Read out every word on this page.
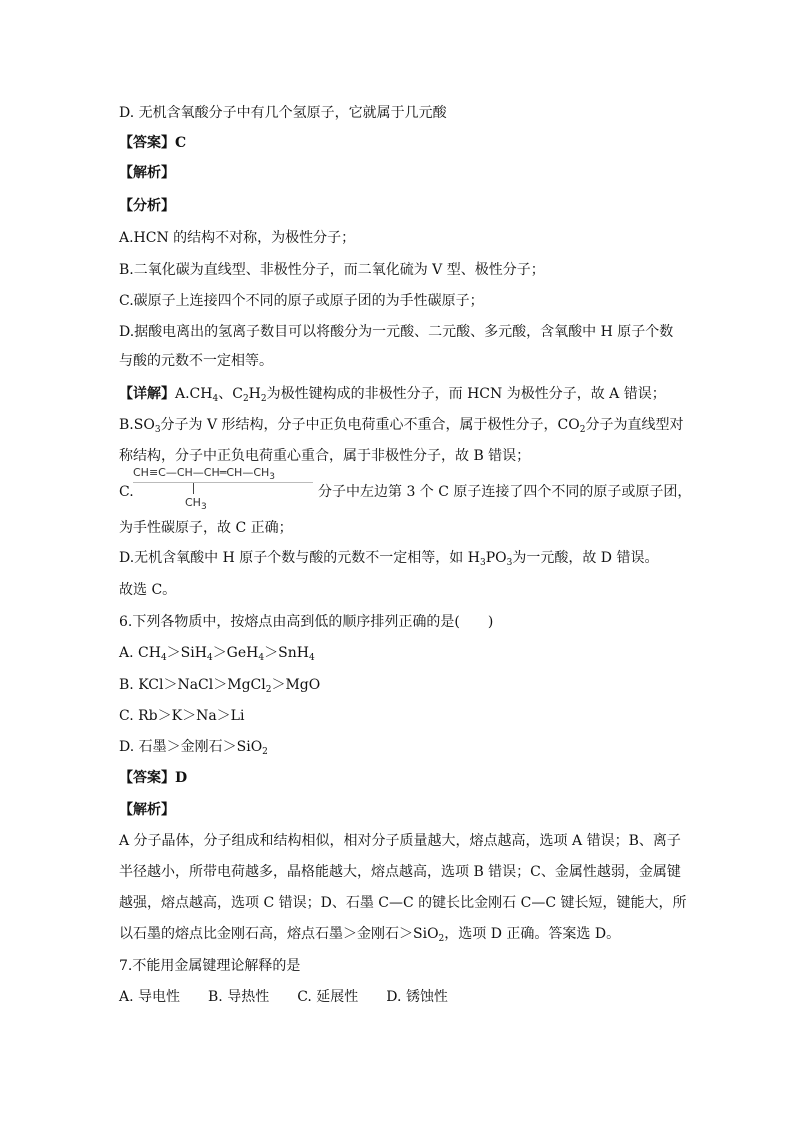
D. 无机含氧酸分子中有几个氢原子，它就属于几元酸
【答案】C
【解析】
【分析】
A.HCN 的结构不对称，为极性分子；
B.二氧化碳为直线型、非极性分子，而二氧化硫为 V 型、极性分子；
C.碳原子上连接四个不同的原子或原子团的为手性碳原子；
D.据酸电离出的氢离子数目可以将酸分为一元酸、二元酸、多元酸，含氧酸中 H 原子个数
与酸的元数不一定相等。
【详解】$A.CH_4$、$C_2H_2$为极性键构成的非极性分子，而 HCN 为极性分子，故 A 错误；
$B.SO_3$分子为 V 形结构，分子中正负电荷重心不重合，属于极性分子，$CO_2$分子为直线型对
称结构，分子中正负电荷重心重合，属于非极性分子，故 B 错误；
C.
$CH\equiv C—CH—CH═CH—CH_3$
$CH_3$
分子中左边第 3 个 C 原子连接了四个不同的原子或原子团，
为手性碳原子，故 C 正确；
D.无机含氧酸中 H 原子个数与酸的元数不一定相等，如 $H_3PO_3$为一元酸，故 D 错误。
故选 C。
6.下列各物质中，按熔点由高到低的顺序排列正确的是(　　)
A. $CH_4>SiH_4>GeH_4>SnH_4$
B. KCl＞NaCl＞MgCl$_2$＞MgO
C. Rb＞K＞Na＞Li
D. 石墨＞金刚石＞SiO$_2$
【答案】D
【解析】
A 分子晶体，分子组成和结构相似，相对分子质量越大，熔点越高，选项 A 错误；B、离子
半径越小，所带电荷越多，晶格能越大，熔点越高，选项 B 错误；C、金属性越弱，金属键
越强，熔点越高，选项 C 错误；D、石墨 C—C 的键长比金刚石 C—C 键长短，键能大，所
以石墨的熔点比金刚石高，熔点石墨＞金刚石＞SiO$_2$，选项 D 正确。答案选 D。
7.不能用金属键理论解释的是
A. 导电性　　B. 导热性　　C. 延展性　　D. 锈蚀性
